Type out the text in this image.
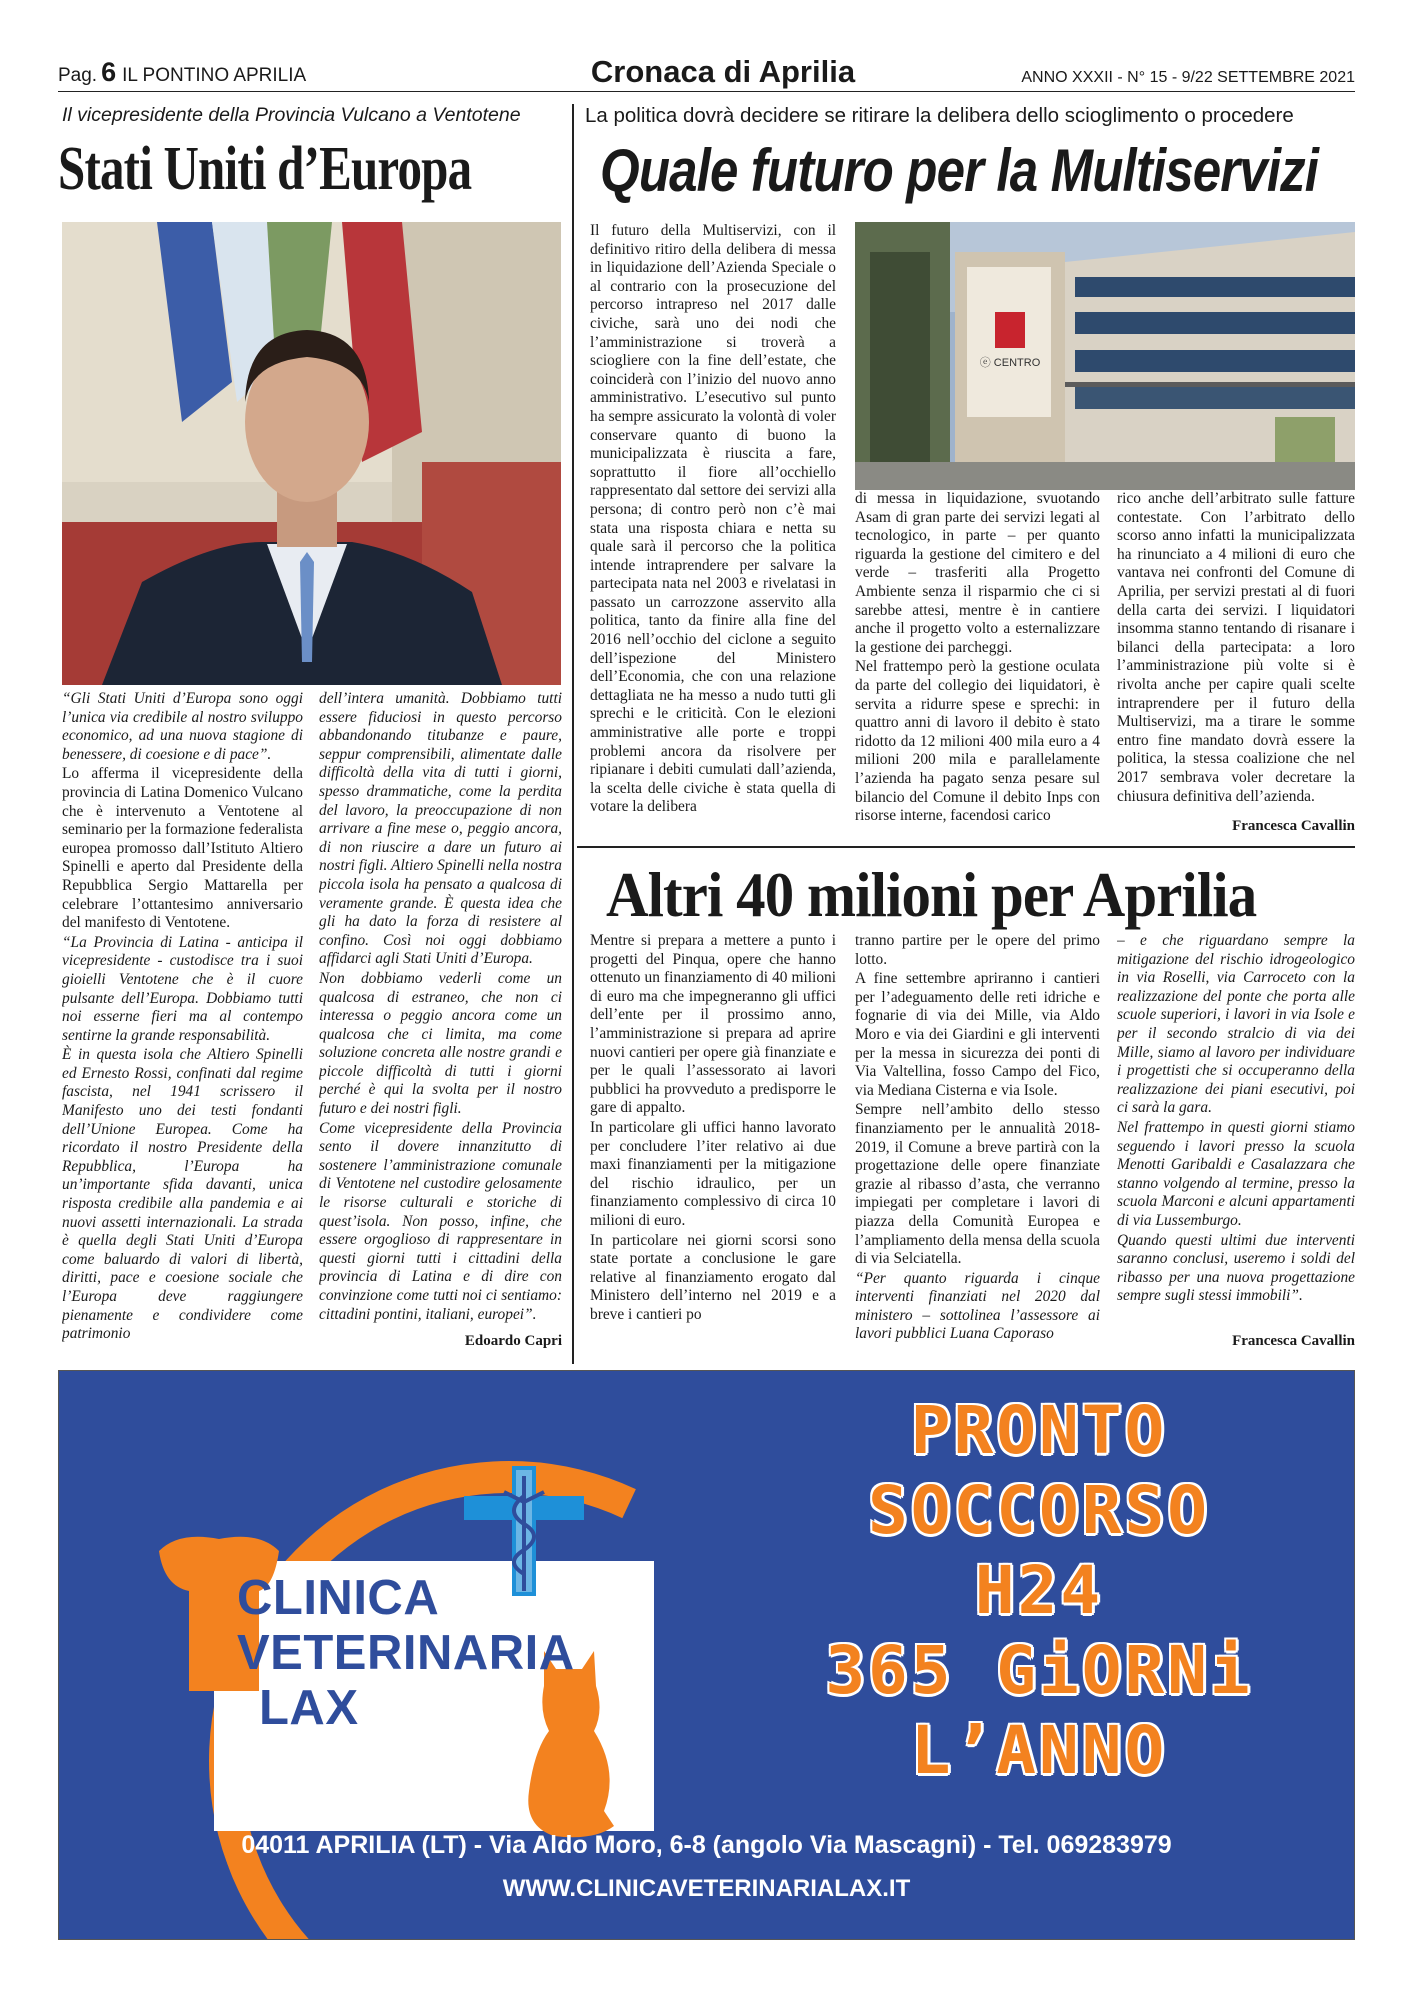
Pag. 6 IL PONTINO APRILIA	Cronaca di Aprilia	ANNO XXXII - N° 15 - 9/22 SETTEMBRE 2021
Il vicepresidente della Provincia Vulcano a Ventotene
Stati Uniti d’Europa

“Gli Stati Uniti d’Europa sono oggi l’unica via credibile al nostro sviluppo economico, ad una nuova stagione di benessere, di coesione e di pace”.

Lo afferma il vicepresidente della provincia di Latina Domenico Vulcano che è intervenuto a Ventotene al seminario per la formazione federalista europea promosso dall’Istituto Altiero Spinelli e aperto dal Presidente della Repubblica Sergio Mattarella per celebrare l’ottantesimo anniversario del manifesto di Ventotene.

“La Provincia di Latina - anticipa il vicepresidente - custodisce tra i suoi gioielli Ventotene che è il cuore pulsante dell’Europa. Dobbiamo tutti noi esserne fieri ma al contempo sentirne la grande responsabilità.

È in questa isola che Altiero Spinelli ed Ernesto Rossi, confinati dal regime fascista, nel 1941 scrissero il Manifesto uno dei testi fondanti dell’Unione Europea. Come ha ricordato il nostro Presidente della Repubblica, l’Europa ha un’importante sfida davanti, unica risposta credibile alla pandemia e ai nuovi assetti internazionali. La strada è quella degli Stati Uniti d’Europa come baluardo di valori di libertà, diritti, pace e coesione sociale che l’Europa deve raggiungere pienamente e condividere come patrimonio

dell’intera umanità. Dobbiamo tutti essere fiduciosi in questo percorso abbandonando titubanze e paure, seppur comprensibili, alimentate dalle difficoltà della vita di tutti i giorni, spesso drammatiche, come la perdita del lavoro, la preoccupazione di non arrivare a fine mese o, peggio ancora, di non riuscire a dare un futuro ai nostri figli. Altiero Spinelli nella nostra piccola isola ha pensato a qualcosa di veramente grande. È questa idea che gli ha dato la forza di resistere al confino. Così noi oggi dobbiamo affidarci agli Stati Uniti d’Europa.

Non dobbiamo vederli come un qualcosa di estraneo, che non ci interessa o peggio ancora come un qualcosa che ci limita, ma come soluzione concreta alle nostre grandi e piccole difficoltà di tutti i giorni perché è qui la svolta per il nostro futuro e dei nostri figli.

Come vicepresidente della Provincia sento il dovere innanzitutto di sostenere l’amministrazione comunale di Ventotene nel custodire gelosamente le risorse culturali e storiche di quest’isola. Non posso, infine, che essere orgoglioso di rappresentare in questi giorni tutti i cittadini della provincia di Latina e di dire con convinzione come tutti noi ci sentiamo: cittadini pontini, italiani, europei”.

Edoardo Capri
La politica dovrà decidere se ritirare la delibera dello scioglimento o procedere
Quale futuro per la Multiservizi
ⓔ CENTRO

Il futuro della Multiservizi, con il definitivo ritiro della delibera di messa in liquidazione dell’Azienda Speciale o al contrario con la prosecuzione del percorso intrapreso nel 2017 dalle civiche, sarà uno dei nodi che l’amministrazione si troverà a sciogliere con la fine dell’estate, che coinciderà con l’inizio del nuovo anno amministrativo. L’esecutivo sul punto ha sempre assicurato la volontà di voler conservare quanto di buono la municipalizzata è riuscita a fare, soprattutto il fiore all’occhiello rappresentato dal settore dei servizi alla persona; di contro però non c’è mai stata una risposta chiara e netta su quale sarà il percorso che la politica intende intraprendere per salvare la partecipata nata nel 2003 e rivelatasi in passato un carrozzone asservito alla politica, tanto da finire alla fine del 2016 nell’occhio del ciclone a seguito dell’ispezione del Ministero dell’Economia, che con una relazione dettagliata ne ha messo a nudo tutti gli sprechi e le criticità. Con le elezioni amministrative alle porte e troppi problemi ancora da risolvere per ripianare i debiti cumulati dall’azienda, la scelta delle civiche è stata quella di votare la delibera

di messa in liquidazione, svuotando Asam di gran parte dei servizi legati al tecnologico, in parte – per quanto riguarda la gestione del cimitero e del verde – trasferiti alla Progetto Ambiente senza il risparmio che ci si sarebbe attesi, mentre è in cantiere anche il progetto volto a esternalizzare la gestione dei parcheggi.

Nel frattempo però la gestione oculata da parte del collegio dei liquidatori, è servita a ridurre spese e sprechi: in quattro anni di lavoro il debito è stato ridotto da 12 milioni 400 mila euro a 4 milioni 200 mila e parallelamente l’azienda ha pagato senza pesare sul bilancio del Comune il debito Inps con risorse interne, facendosi carico

rico anche dell’arbitrato sulle fatture contestate. Con l’arbitrato dello scorso anno infatti la municipalizzata ha rinunciato a 4 milioni di euro che vantava nei confronti del Comune di Aprilia, per servizi prestati al di fuori della carta dei servizi. I liquidatori insomma stanno tentando di risanare i bilanci della partecipata: a loro l’amministrazione più volte si è rivolta anche per capire quali scelte intraprendere per il futuro della Multiservizi, ma a tirare le somme entro fine mandato dovrà essere la politica, la stessa coalizione che nel 2017 sembrava voler decretare la chiusura definitiva dell’azienda.

Francesca Cavallin
Altri 40 milioni per Aprilia

Mentre si prepara a mettere a punto i progetti del Pinqua, opere che hanno ottenuto un finanziamento di 40 milioni di euro ma che impegneranno gli uffici dell’ente per il prossimo anno, l’amministrazione si prepara ad aprire nuovi cantieri per opere già finanziate e per le quali l’assessorato ai lavori pubblici ha provveduto a predisporre le gare di appalto.

In particolare gli uffici hanno lavorato per concludere l’iter relativo ai due maxi finanziamenti per la mitigazione del rischio idraulico, per un finanziamento complessivo di circa 10 milioni di euro.

In particolare nei giorni scorsi sono state portate a conclusione le gare relative al finanziamento erogato dal Ministero dell’interno nel 2019 e a breve i cantieri po

tranno partire per le opere del primo lotto.

A fine settembre apriranno i cantieri per l’adeguamento delle reti idriche e fognarie di via dei Mille, via Aldo Moro e via dei Giardini e gli interventi per la messa in sicurezza dei ponti di Via Valtellina, fosso Campo del Fico, via Mediana Cisterna e via Isole.

Sempre nell’ambito dello stesso finanziamento per le annualità 2018-2019, il Comune a breve partirà con la progettazione delle opere finanziate grazie al ribasso d’asta, che verranno impiegati per completare i lavori di piazza della Comunità Europea e l’ampliamento della mensa della scuola di via Selciatella.

“Per quanto riguarda i cinque interventi finanziati nel 2020 dal ministero – sottolinea l’assessore ai lavori pubblici Luana Caporaso

– e che riguardano sempre la mitigazione del rischio idrogeologico in via Roselli, via Carroceto con la realizzazione del ponte che porta alle scuole superiori, i lavori in via Isole e per il secondo stralcio di via dei Mille, siamo al lavoro per individuare i progettisti che si occuperanno della realizzazione dei piani esecutivi, poi ci sarà la gara.

Nel frattempo in questi giorni stiamo seguendo i lavori presso la scuola Menotti Garibaldi e Casalazzara che stanno volgendo al termine, presso la scuola Marconi e alcuni appartamenti di via Lussemburgo.

Quando questi ultimi due interventi saranno conclusi, useremo i soldi del ribasso per una nuova progettazione sempre sugli stessi immobili”.

Francesca Cavallin
CLINICA
VETERINARIA
LAX
PRONTO
SOCCORSO
H24
365 GiORNi
L’ANNO
04011 APRILIA (LT) - Via Aldo Moro, 6-8 (angolo Via Mascagni) - Tel. 069283979
WWW.CLINICAVETERINARIALAX.IT
